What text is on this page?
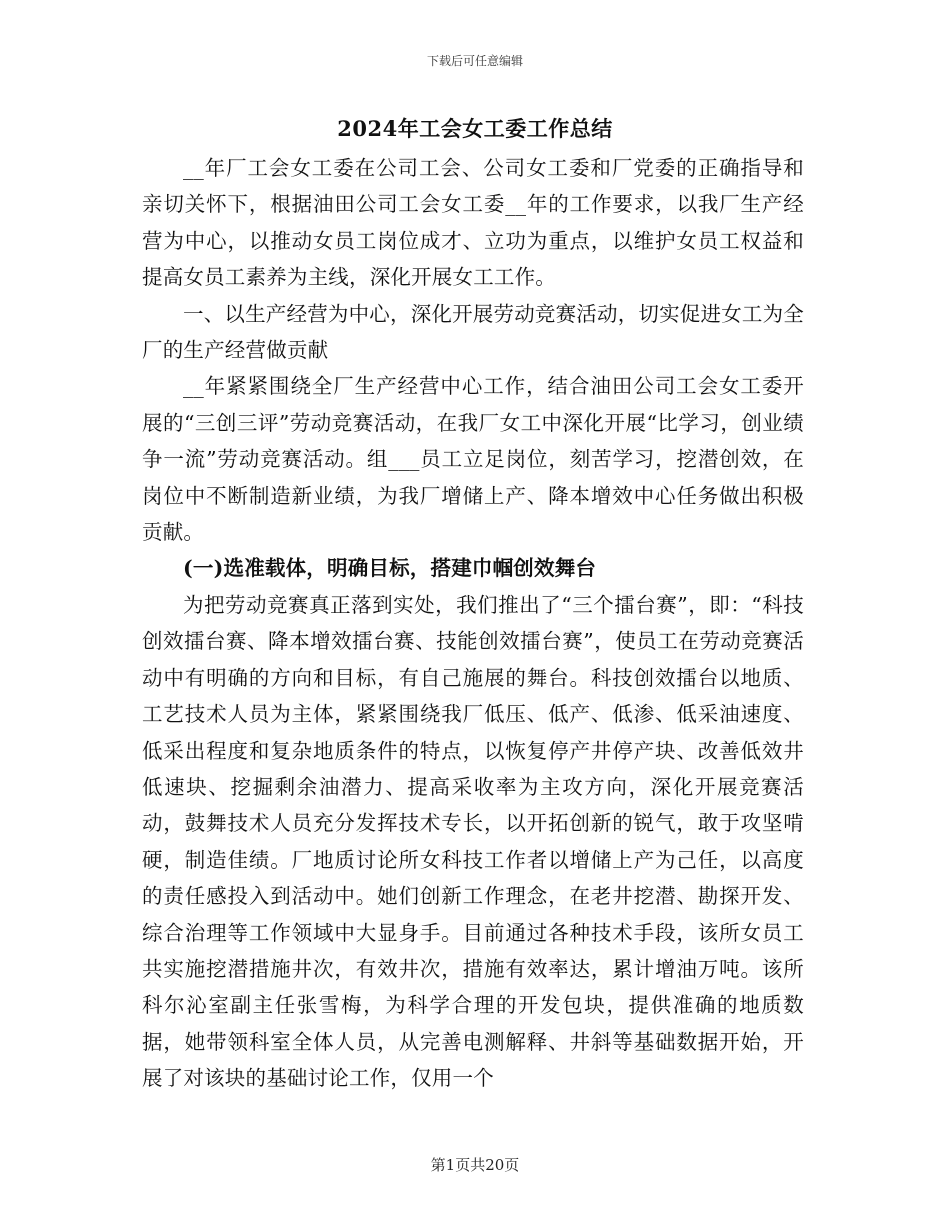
下载后可任意编辑
2024年工会女工委工作总结

__年厂工会女工委在公司工会、公司女工委和厂党委的正确指导和亲切关怀下，根据油田公司工会女工委__年的工作要求，以我厂生产经营为中心，以推动女员工岗位成才、立功为重点，以维护女员工权益和提高女员工素养为主线，深化开展女工工作。

一、以生产经营为中心，深化开展劳动竞赛活动，切实促进女工为全厂的生产经营做贡献

__年紧紧围绕全厂生产经营中心工作，结合油田公司工会女工委开展的“三创三评”劳动竞赛活动，在我厂女工中深化开展“比学习，创业绩争一流”劳动竞赛活动。组___员工立足岗位，刻苦学习，挖潜创效，在岗位中不断制造新业绩，为我厂增储上产、降本增效中心任务做出积极贡献。

(一)选准载体，明确目标，搭建巾帼创效舞台

为把劳动竞赛真正落到实处，我们推出了“三个擂台赛”，即：“科技创效擂台赛、降本增效擂台赛、技能创效擂台赛”，使员工在劳动竞赛活动中有明确的方向和目标，有自己施展的舞台。科技创效擂台以地质、工艺技术人员为主体，紧紧围绕我厂低压、低产、低渗、低采油速度、低采出程度和复杂地质条件的特点，以恢复停产井停产块、改善低效井低速块、挖掘剩余油潜力、提高采收率为主攻方向，深化开展竞赛活动，鼓舞技术人员充分发挥技术专长，以开拓创新的锐气，敢于攻坚啃硬，制造佳绩。厂地质讨论所女科技工作者以增储上产为己任，以高度的责任感投入到活动中。她们创新工作理念，在老井挖潜、勘探开发、综合治理等工作领域中大显身手。目前通过各种技术手段，该所女员工共实施挖潜措施井次，有效井次，措施有效率达，累计增油万吨。该所科尔沁室副主任张雪梅，为科学合理的开发包块，提供准确的地质数据，她带领科室全体人员，从完善电测解释、井斜等基础数据开始，开展了对该块的基础讨论工作，仅用一个

第1页共20页
